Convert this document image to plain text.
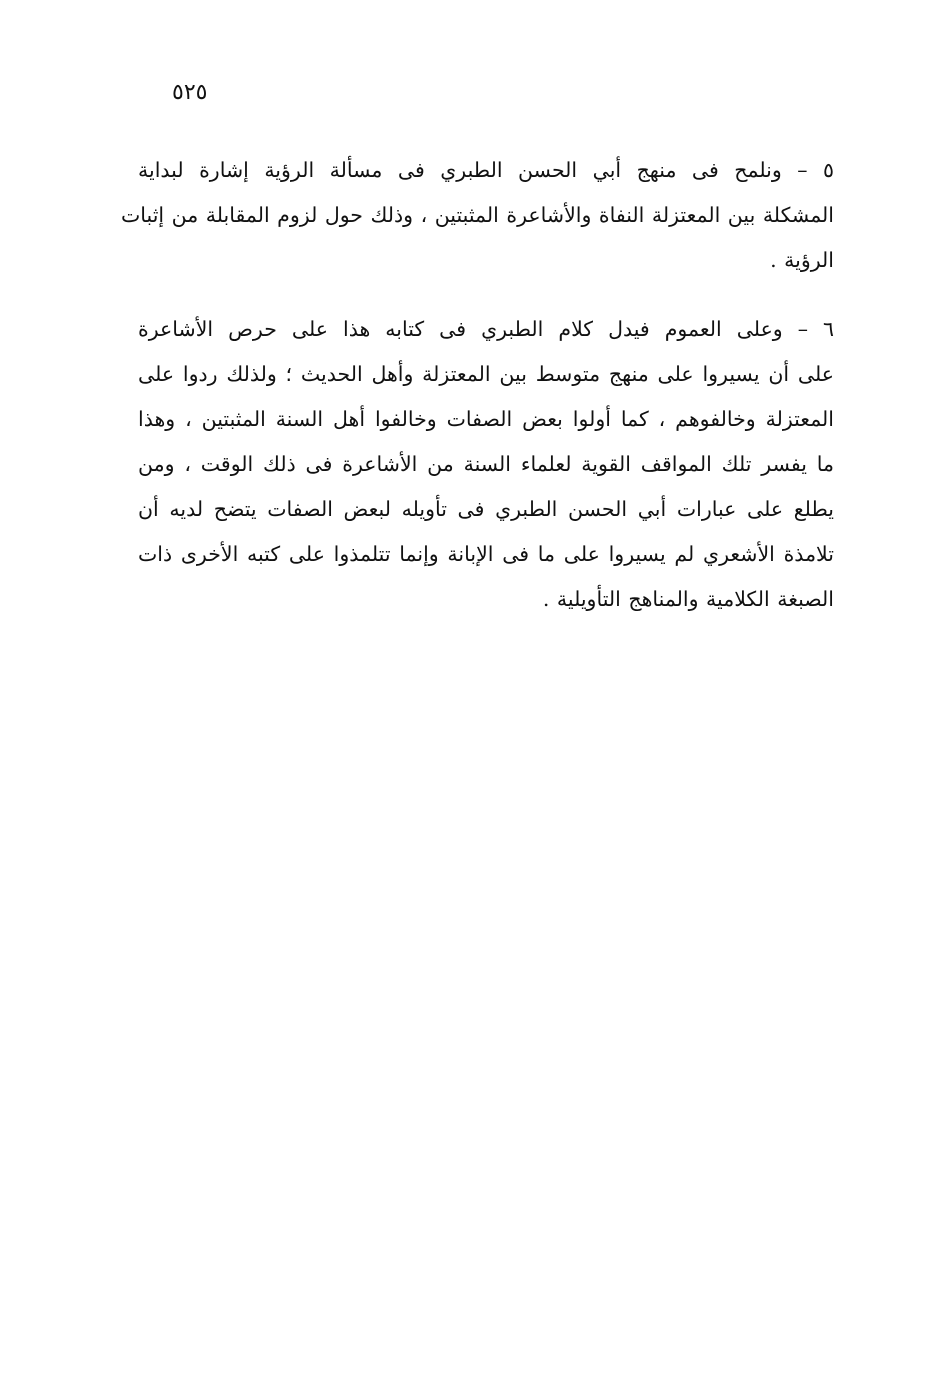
٥٢٥

٥ – ونلمح فى منهج أبي الحسن الطبري فى مسألة الرؤية إشارة لبداية
المشكلة بين المعتزلة النفاة والأشاعرة المثبتين ، وذلك حول لزوم المقابلة من إثبات
الرؤية .

٦ – وعلى العموم فيدل كلام الطبري فى كتابه هذا على حرص الأشاعرة
على أن يسيروا على منهج متوسط بين المعتزلة وأهل الحديث ؛ ولذلك ردوا على
المعتزلة وخالفوهم ، كما أولوا بعض الصفات وخالفوا أهل السنة المثبتين ، وهذا
ما يفسر تلك المواقف القوية لعلماء السنة من الأشاعرة فى ذلك الوقت ، ومن
يطلع على عبارات أبي الحسن الطبري فى تأويله لبعض الصفات يتضح لديه أن
تلامذة الأشعري لم يسيروا على ما فى الإبانة وإنما تتلمذوا على كتبه الأخرى ذات
الصبغة الكلامية والمناهج التأويلية .
